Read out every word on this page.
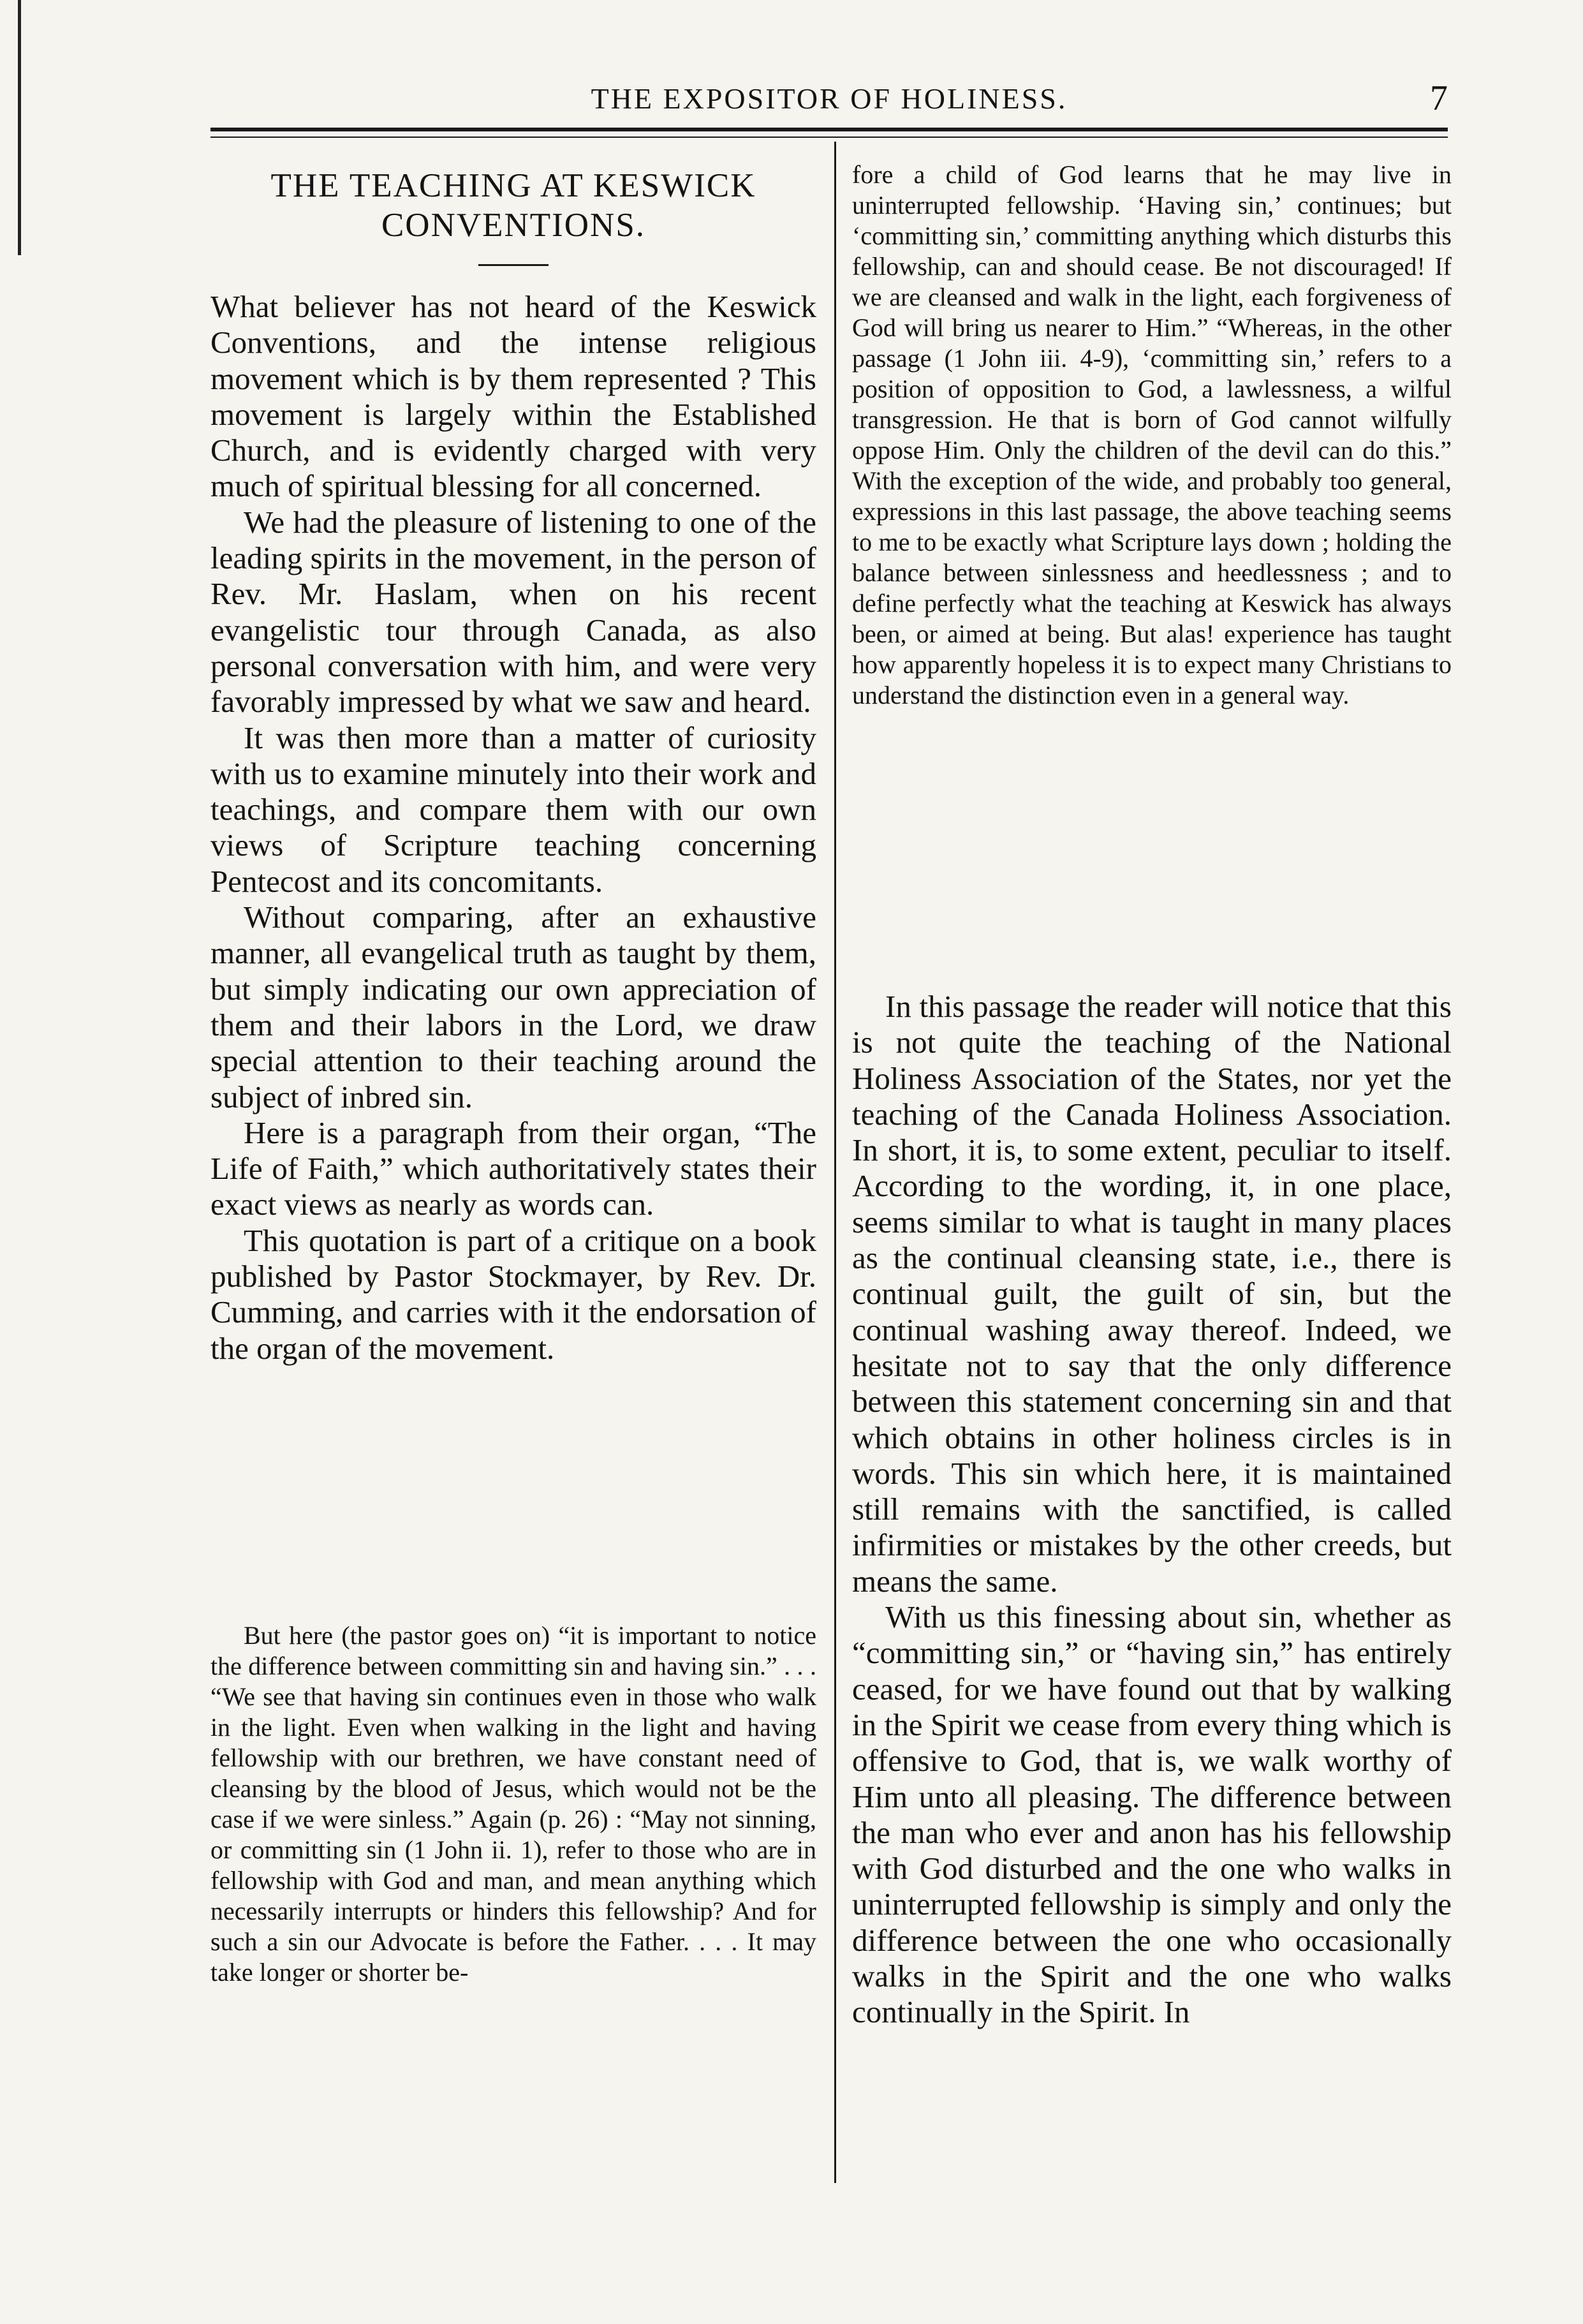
THE EXPOSITOR OF HOLINESS.	7
THE TEACHING AT KESWICK
CONVENTIONS.

What believer has not heard of the Keswick Conventions, and the intense religious movement which is by them represented ? This movement is largely within the Established Church, and is evidently charged with very much of spiritual blessing for all concerned.

We had the pleasure of listening to one of the leading spirits in the movement, in the person of Rev. Mr. Haslam, when on his recent evangelistic tour through Canada, as also personal conversation with him, and were very favorably impressed by what we saw and heard.

It was then more than a matter of curiosity with us to examine minutely into their work and teachings, and compare them with our own views of Scripture teaching concerning Pentecost and its concomitants.

Without comparing, after an exhaustive manner, all evangelical truth as taught by them, but simply indicating our own appreciation of them and their labors in the Lord, we draw special attention to their teaching around the subject of inbred sin.

Here is a paragraph from their organ, “The Life of Faith,” which authoritatively states their exact views as nearly as words can.

This quotation is part of a critique on a book published by Pastor Stockmayer, by Rev. Dr. Cumming, and carries with it the endorsation of the organ of the movement.

But here (the pastor goes on) “it is important to notice the difference between committing sin and having sin.” . . . “We see that having sin continues even in those who walk in the light. Even when walking in the light and having fellowship with our brethren, we have constant need of cleansing by the blood of Jesus, which would not be the case if we were sinless.” Again (p. 26) : “May not sinning, or committing sin (1 John ii. 1), refer to those who are in fellowship with God and man, and mean anything which necessarily interrupts or hinders this fellowship? And for such a sin our Advocate is before the Father. . . . It may take longer or shorter be-

fore a child of God learns that he may live in uninterrupted fellowship. ‘Having sin,’ continues; but ‘committing sin,’ committing anything which disturbs this fellowship, can and should cease. Be not discouraged! If we are cleansed and walk in the light, each forgiveness of God will bring us nearer to Him.” “Whereas, in the other passage (1 John iii. 4-9), ‘committing sin,’ refers to a position of opposition to God, a lawlessness, a wilful transgression. He that is born of God cannot wilfully oppose Him. Only the children of the devil can do this.” With the exception of the wide, and probably too general, expressions in this last passage, the above teaching seems to me to be exactly what Scripture lays down ; holding the balance between sinlessness and heedlessness ; and to define perfectly what the teaching at Keswick has always been, or aimed at being. But alas! experience has taught how apparently hopeless it is to expect many Christians to understand the distinction even in a general way.

In this passage the reader will notice that this is not quite the teaching of the National Holiness Association of the States, nor yet the teaching of the Canada Holiness Association. In short, it is, to some extent, peculiar to itself. According to the wording, it, in one place, seems similar to what is taught in many places as the continual cleansing state, i.e., there is continual guilt, the guilt of sin, but the continual washing away thereof. Indeed, we hesitate not to say that the only difference between this statement concerning sin and that which obtains in other holiness circles is in words. This sin which here, it is maintained still remains with the sanctified, is called infirmities or mistakes by the other creeds, but means the same.

With us this finessing about sin, whether as “committing sin,” or “having sin,” has entirely ceased, for we have found out that by walking in the Spirit we cease from every thing which is offensive to God, that is, we walk worthy of Him unto all pleasing. The difference between the man who ever and anon has his fellowship with God disturbed and the one who walks in uninterrupted fellowship is simply and only the difference between the one who occasionally walks in the Spirit and the one who walks continually in the Spirit. In
